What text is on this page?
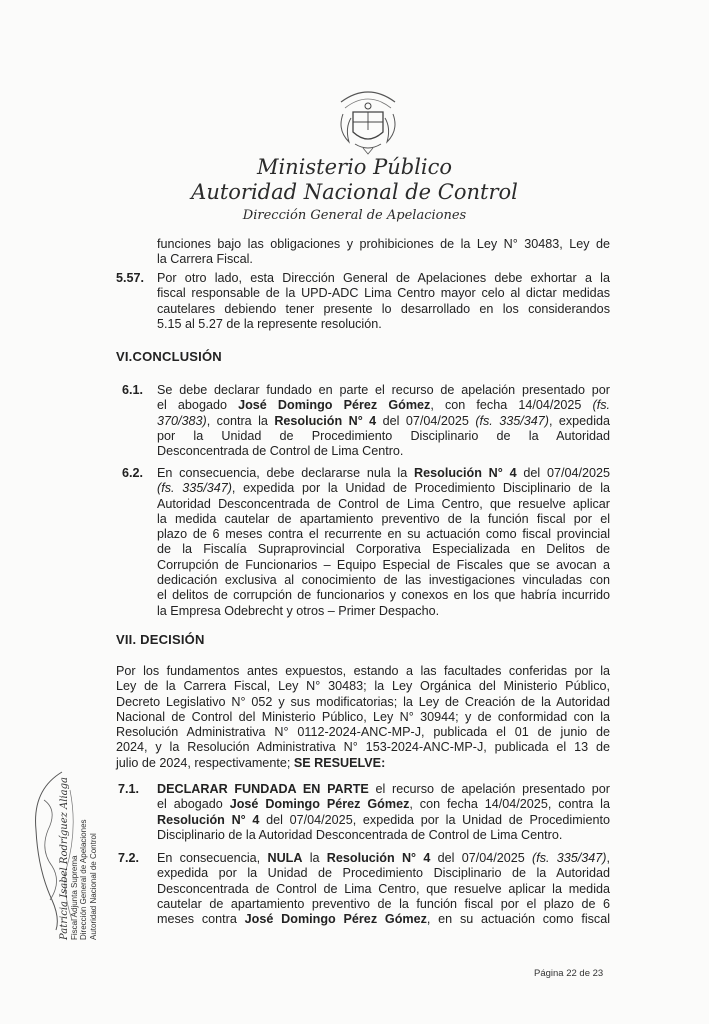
Ministerio Público
Autoridad Nacional de Control
Dirección General de Apelaciones
funciones bajo las obligaciones y prohibiciones de la Ley N° 30483, Ley de
la Carrera Fiscal.
5.57. Por otro lado, esta Dirección General de Apelaciones debe exhortar a la
fiscal responsable de la UPD-ADC Lima Centro mayor celo al dictar medidas
cautelares debiendo tener presente lo desarrollado en los considerandos
5.15 al 5.27 de la represente resolución.
VI.CONCLUSIÓN
6.1. Se debe declarar fundado en parte el recurso de apelación presentado por
el abogado José Domingo Pérez Gómez, con fecha 14/04/2025 (fs.
370/383), contra la Resolución N° 4 del 07/04/2025 (fs. 335/347), expedida
por la Unidad de Procedimiento Disciplinario de la Autoridad
Desconcentrada de Control de Lima Centro.
6.2. En consecuencia, debe declararse nula la Resolución N° 4 del 07/04/2025
(fs. 335/347), expedida por la Unidad de Procedimiento Disciplinario de la
Autoridad Desconcentrada de Control de Lima Centro, que resuelve aplicar
la medida cautelar de apartamiento preventivo de la función fiscal por el
plazo de 6 meses contra el recurrente en su actuación como fiscal provincial
de la Fiscalía Supraprovincial Corporativa Especializada en Delitos de
Corrupción de Funcionarios – Equipo Especial de Fiscales que se avocan a
dedicación exclusiva al conocimiento de las investigaciones vinculadas con
el delitos de corrupción de funcionarios y conexos en los que habría incurrido
la Empresa Odebrecht y otros – Primer Despacho.
VII. DECISIÓN
Por los fundamentos antes expuestos, estando a las facultades conferidas por la
Ley de la Carrera Fiscal, Ley N° 30483; la Ley Orgánica del Ministerio Público,
Decreto Legislativo N° 052 y sus modificatorias; la Ley de Creación de la Autoridad
Nacional de Control del Ministerio Público, Ley N° 30944; y de conformidad con la
Resolución Administrativa N° 0112-2024-ANC-MP-J, publicada el 01 de junio de
2024, y la Resolución Administrativa N° 153-2024-ANC-MP-J, publicada el 13 de
julio de 2024, respectivamente; SE RESUELVE:
7.1. DECLARAR FUNDADA EN PARTE el recurso de apelación presentado por
el abogado José Domingo Pérez Gómez, con fecha 14/04/2025, contra la
Resolución N° 4 del 07/04/2025, expedida por la Unidad de Procedimiento
Disciplinario de la Autoridad Desconcentrada de Control de Lima Centro.
7.2. En consecuencia, NULA la Resolución N° 4 del 07/04/2025 (fs. 335/347),
expedida por la Unidad de Procedimiento Disciplinario de la Autoridad
Desconcentrada de Control de Lima Centro, que resuelve aplicar la medida
cautelar de apartamiento preventivo de la función fiscal por el plazo de 6
meses contra José Domingo Pérez Gómez, en su actuación como fiscal
Patricia Isabel Rodríguez Aliaga Fiscal Adjunta Suprema Dirección General de Apelaciones Autoridad Nacional de Control
Página 22 de 23
